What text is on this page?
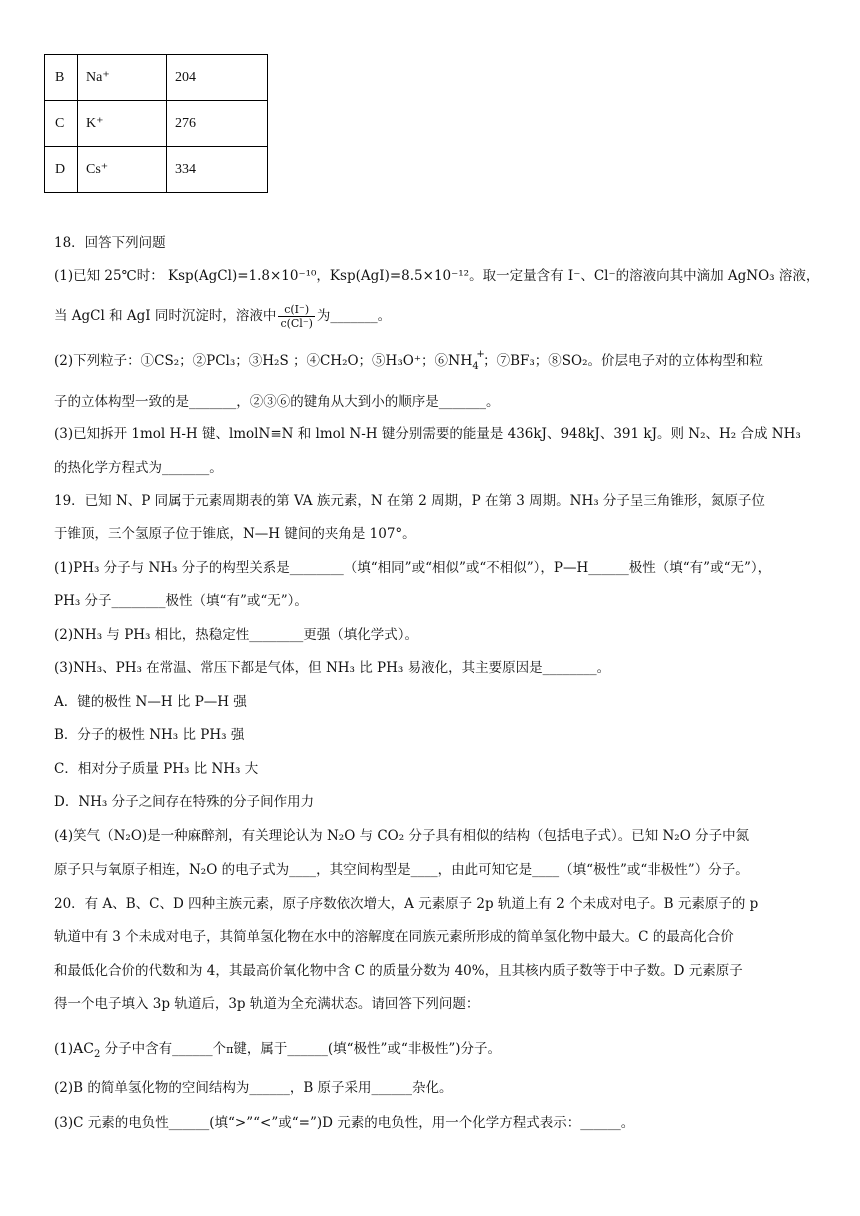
B	Na⁺	204
C	K⁺	276
D	Cs⁺	334
18．回答下列问题
(1)已知 25℃时： Ksp(AgCl)=1.8×10⁻¹⁰，Ksp(AgI)=8.5×10⁻¹²。取一定量含有 I⁻、Cl⁻的溶液向其中滴加 AgNO₃ 溶液，
当 AgCl 和 AgI 同时沉淀时，溶液中 $\frac{c(I^-)}{c(Cl^-)}$ 为_______。
(2)下列粒子：①CS₂；②PCl₃；③H₂S ；④CH₂O；⑤H₃O⁺；$⑥NH_4$
+
；⑦BF₃；⑧SO₂。价层电子对的立体构型和粒
子的立体构型一致的是_______，②③⑥的键角从大到小的顺序是_______。
(3)已知拆开 1mol H-H 键、lmolN≡N 和 lmol N-H 键分别需要的能量是 436kJ、948kJ、391 kJ。则 N₂、H₂ 合成 NH₃
的热化学方程式为_______。
19．已知 N、P 同属于元素周期表的第 VA 族元素，N 在第 2 周期，P 在第 3 周期。NH₃ 分子呈三角锥形，氮原子位
于锥顶，三个氢原子位于锥底，N—H 键间的夹角是 107°。
(1)PH₃ 分子与 NH₃ 分子的构型关系是________（填“相同”或“相似”或“不相似”），P—H______极性（填“有”或“无”），
PH₃ 分子________极性（填“有”或“无”）。
(2)NH₃ 与 PH₃ 相比，热稳定性________更强（填化学式）。
(3)NH₃、PH₃ 在常温、常压下都是气体，但 NH₃ 比 PH₃ 易液化，其主要原因是________。
A．键的极性 N—H 比 P—H 强
B．分子的极性 NH₃ 比 PH₃ 强
C．相对分子质量 PH₃ 比 NH₃ 大
D．NH₃ 分子之间存在特殊的分子间作用力
(4)笑气（N₂O)是一种麻醉剂，有关理论认为 N₂O 与 CO₂ 分子具有相似的结构（包括电子式）。已知 N₂O 分子中氮
原子只与氧原子相连，N₂O 的电子式为____，其空间构型是____，由此可知它是____（填“极性”或“非极性”）分子。
20．有 A、B、C、D 四种主族元素，原子序数依次增大，A 元素原子 2p 轨道上有 2 个未成对电子。B 元素原子的 p
轨道中有 3 个未成对电子，其简单氢化物在水中的溶解度在同族元素所形成的简单氢化物中最大。C 的最高化合价
和最低化合价的代数和为 4，其最高价氧化物中含 C 的质量分数为 40%，且其核内质子数等于中子数。D 元素原子
得一个电子填入 3p 轨道后，3p 轨道为全充满状态。请回答下列问题：
$(1)AC_2$ 分子中含有______个π键，属于______(填“极性”或“非极性”)分子。
(2)B 的简单氢化物的空间结构为______，B 原子采用______杂化。
(3)C 元素的电负性______(填“>”“<”或“=”)D 元素的电负性，用一个化学方程式表示：______。
